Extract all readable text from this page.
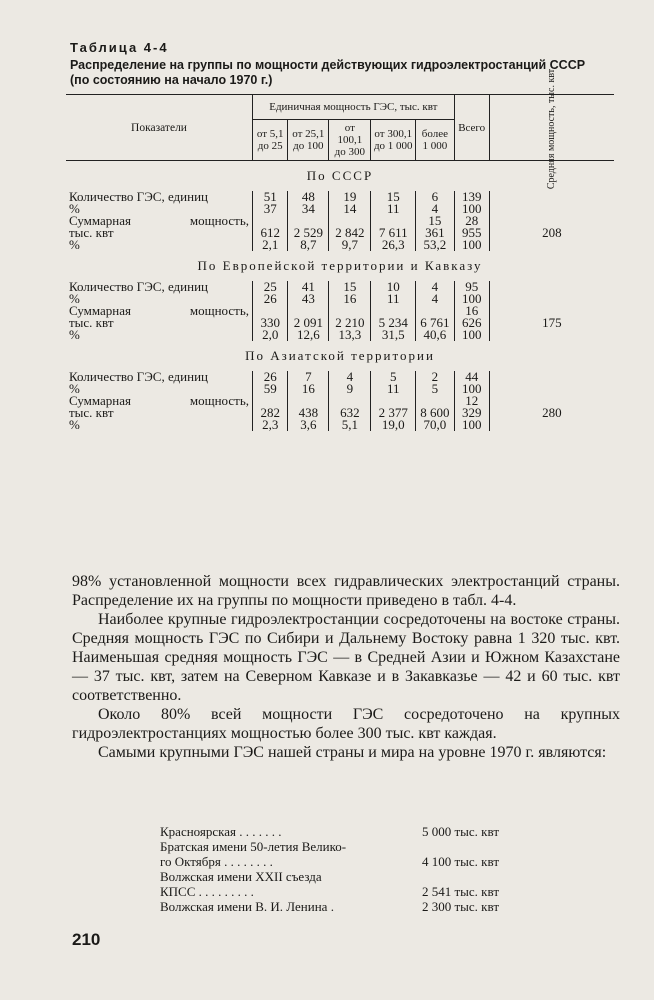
Таблица 4-4
Распределение на группы по мощности действующих гидроэлектростанций СССР (по состоянию на начало 1970 г.)
Показатели	Единичная мощность ГЭС, тыс. квт					Всего	Средняя мощность, тыс. квт
	от 5,1 до 25	от 25,1 до 100	от 100,1 до 300	от 300,1 до 1 000	более 1 000		
По СССР							
Количество ГЭС, единиц	51	48	19	15	6	139	
%	37	34	14	11	4	100	

Суммарная мощность,
тыс. квт	612	2 529	2 842	7 611	15 361	28 955	208
%	2,1	8,7	9,7	26,3	53,2	100	
По Европейской территории и Кавказу							
Количество ГЭС, единиц	25	41	15	10	4	95	
%	26	43	16	11	4	100	

Суммарная мощность,
тыс. квт	330	2 091	2 210	5 234	6 761	16 626	175
%	2,0	12,6	13,3	31,5	40,6	100	
По Азиатской территории							
Количество ГЭС, единиц	26	7	4	5	2	44	
%	59	16	9	11	5	100	

Суммарная мощность,
тыс. квт	282	438	632	2 377	8 600	12 329	280
%	2,3	3,6	5,1	19,0	70,0	100	

98% установленной мощности всех гидравлических электростанций страны. Распределение их на группы по мощности приведено в табл. 4-4.

Наиболее крупные гидроэлектростанции сосредоточены на востоке страны. Средняя мощность ГЭС по Сибири и Дальнему Востоку равна 1 320 тыс. квт. Наименьшая средняя мощность ГЭС — в Средней Азии и Южном Казахстане — 37 тыс. квт, затем на Северном Кавказе и в Закавказье — 42 и 60 тыс. квт соответственно.

Около 80% всей мощности ГЭС сосредоточено на крупных гидроэлектростанциях мощностью более 300 тыс. квт каждая.

Самыми крупными ГЭС нашей страны и мира на уровне 1970 г. являются:

Красноярская . . . . . . .	5 000 тыс. квт
Братская имени 50-летия Велико-
го Октября . . . . . . . .	4 100 тыс. квт
Волжская имени XXII съезда
КПСС . . . . . . . . .	2 541 тыс. квт
Волжская имени В. И. Ленина .	2 300 тыс. квт
210
